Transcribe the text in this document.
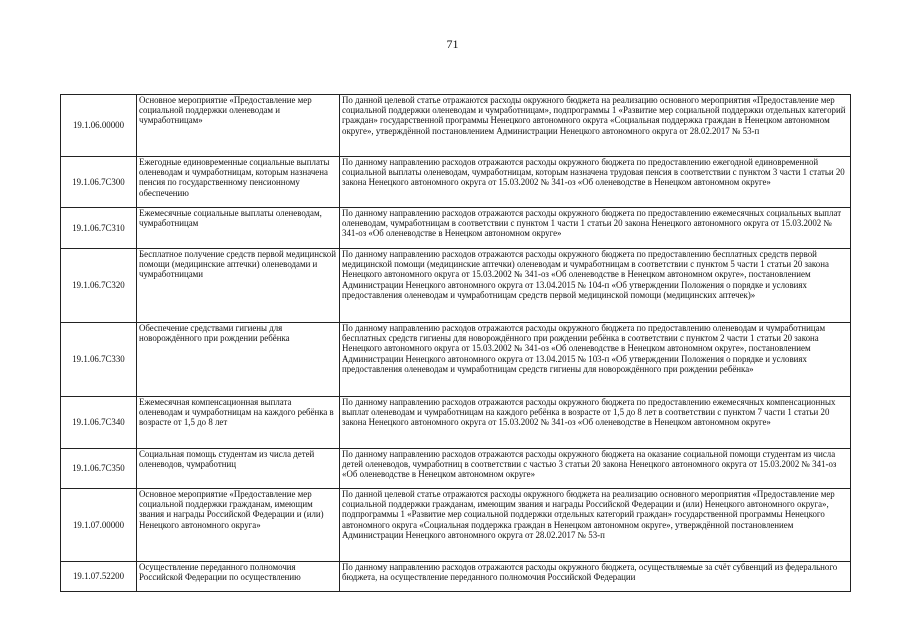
71
19.1.06.00000	Основное мероприятие «Предоставление мер социальной поддержки оленеводам и чумработницам»	По данной целевой статье отражаются расходы окружного бюджета на реализацию основного мероприятия «Предоставление мер социальной поддержки оленеводам и чумработницам», подпрограммы 1 «Развитие мер социальной поддержки отдельных категорий граждан» государственной программы Ненецкого автономного округа «Социальная поддержка граждан в Ненецком автономном округе», утверждённой постановлением Администрации Ненецкого автономного округа от 28.02.2017 № 53-п
19.1.06.7С300	Ежегодные единовременные социальные выплаты оленеводам и чумработницам, которым назначена пенсия по государственному пенсионному обеспечению	По данному направлению расходов отражаются расходы окружного бюджета по предоставлению ежегодной единовременной социальной выплаты оленеводам, чумработницам, которым назначена трудовая пенсия в соответствии с пунктом 3 части 1 статьи 20 закона Ненецкого автономного округа от 15.03.2002 № 341-оз «Об оленеводстве в Ненецком автономном округе»
19.1.06.7С310	Ежемесячные социальные выплаты оленеводам, чумработницам	По данному направлению расходов отражаются расходы окружного бюджета по предоставлению ежемесячных социальных выплат оленеводам, чумработницам в соответствии с пунктом 1 части 1 статьи 20 закона Ненецкого автономного округа от 15.03.2002 № 341-оз «Об оленеводстве в Ненецком автономном округе»
19.1.06.7С320	Бесплатное получение средств первой медицинской помощи (медицинские аптечки) оленеводами и чумработницами	По данному направлению расходов отражаются расходы окружного бюджета по предоставлению бесплатных средств первой медицинской помощи (медицинские аптечки) оленеводам и чумработницам в соответствии с пунктом 5 части 1 статьи 20 закона Ненецкого автономного округа от 15.03.2002 № 341-оз «Об оленеводстве в Ненецком автономном округе», постановлением Администрации Ненецкого автономного округа от 13.04.2015 № 104-п «Об утверждении Положения о порядке и условиях предоставления оленеводам и чумработницам средств первой медицинской помощи (медицинских аптечек)»
19.1.06.7С330	Обеспечение средствами гигиены для новорождённого при рождении ребёнка	По данному направлению расходов отражаются расходы окружного бюджета по предоставлению оленеводам и чумработницам бесплатных средств гигиены для новорождённого при рождении ребёнка в соответствии с пунктом 2 части 1 статьи 20 закона Ненецкого автономного округа от 15.03.2002 № 341-оз «Об оленеводстве в Ненецком автономном округе», постановлением Администрации Ненецкого автономного округа от 13.04.2015 № 103-п «Об утверждении Положения о порядке и условиях предоставления оленеводам и чумработницам средств гигиены для новорождённого при рождении ребёнка»
19.1.06.7С340	Ежемесячная компенсационная выплата оленеводам и чумработницам на каждого ребёнка в возрасте от 1,5 до 8 лет	По данному направлению расходов отражаются расходы окружного бюджета по предоставлению ежемесячных компенсационных выплат оленеводам и чумработницам на каждого ребёнка в возрасте от 1,5 до 8 лет в соответствии с пунктом 7 части 1 статьи 20 закона Ненецкого автономного округа от 15.03.2002 № 341-оз «Об оленеводстве в Ненецком автономном округе»
19.1.06.7С350	Социальная помощь студентам из числа детей оленеводов, чумработниц	По данному направлению расходов отражаются расходы окружного бюджета на оказание социальной помощи студентам из числа детей оленеводов, чумработниц в соответствии с частью 3 статьи 20 закона Ненецкого автономного округа от 15.03.2002 № 341-оз «Об оленеводстве в Ненецком автономном округе»
19.1.07.00000	Основное мероприятие «Предоставление мер социальной поддержки гражданам, имеющим звания и награды Российской Федерации и (или) Ненецкого автономного округа»	По данной целевой статье отражаются расходы окружного бюджета на реализацию основного мероприятия «Предоставление мер социальной поддержки гражданам, имеющим звания и награды Российской Федерации и (или) Ненецкого автономного округа», подпрограммы 1 «Развитие мер социальной поддержки отдельных категорий граждан» государственной программы Ненецкого автономного округа «Социальная поддержка граждан в Ненецком автономном округе», утверждённой постановлением Администрации Ненецкого автономного округа от 28.02.2017 № 53-п
19.1.07.52200	Осуществление переданного полномочия Российской Федерации по осуществлению	По данному направлению расходов отражаются расходы окружного бюджета, осуществляемые за счёт субвенций из федерального бюджета, на осуществление переданного полномочия Российской Федерации
